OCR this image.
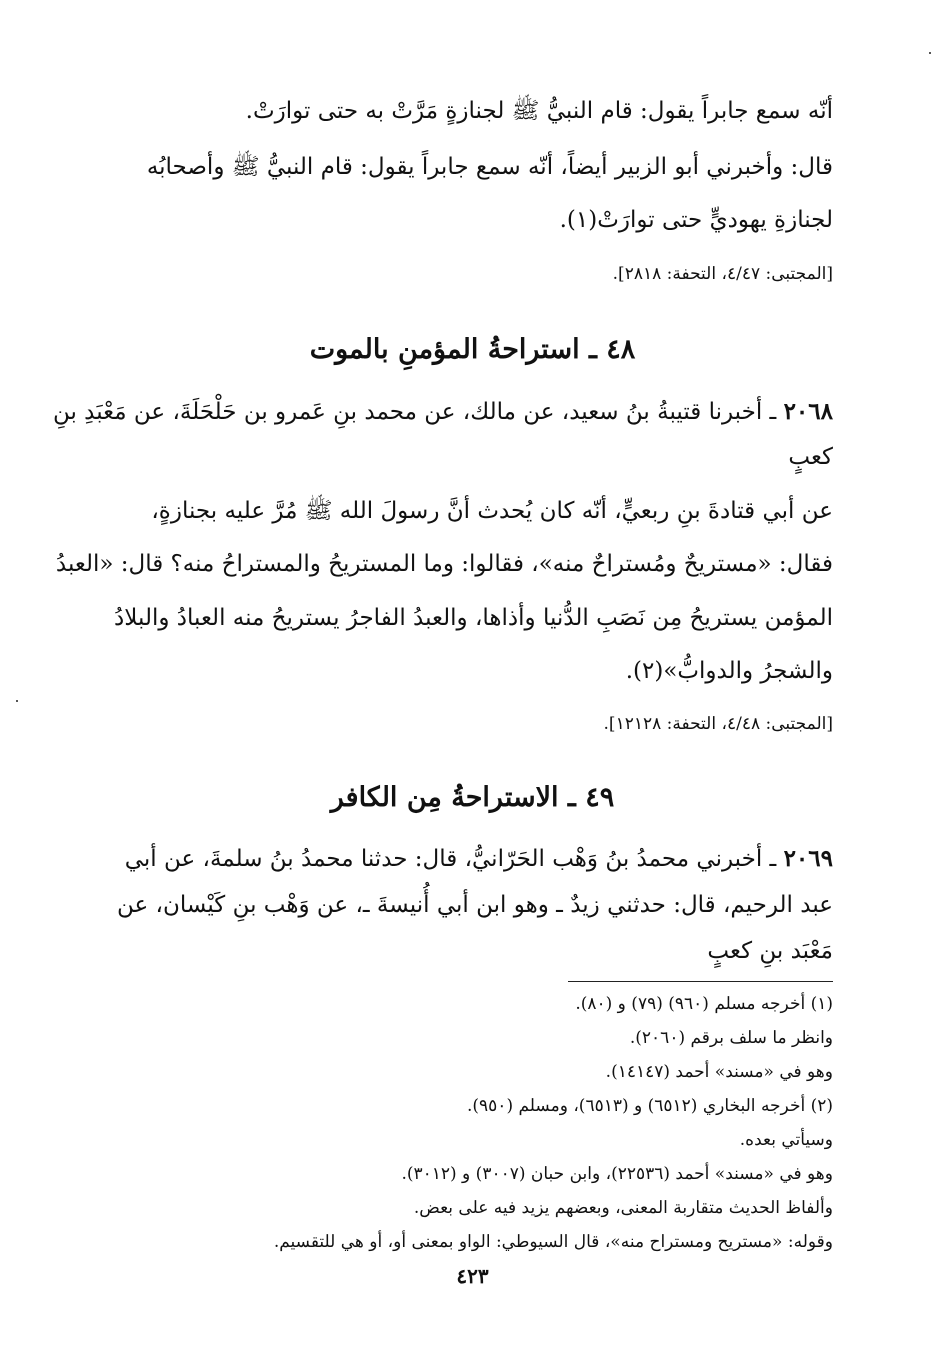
أنّه سمع جابراً يقول: قام النبيُّ ﷺ لجنازةٍ مَرَّتْ به حتى توارَتْ.
قال: وأخبرني أبو الزبير أيضاً، أنّه سمع جابراً يقول: قام النبيُّ ﷺ وأصحابُه
لجنازةِ يهوديٍّ حتى توارَتْ(١).
[المجتبى: ٤/٤٧، التحفة: ٢٨١٨].
٤٨ ـ استراحةُ المؤمنِ بالموت
٢٠٦٨ ـ أخبرنا قتيبةُ بنُ سعيد، عن مالك، عن محمد بنِ عَمرو بن حَلْحَلَةَ، عن مَعْبَدِ بنِ
كعبٍ
عن أبي قتادةَ بنِ ربعيٍّ، أنّه كان يُحدث أنَّ رسولَ الله ﷺ مُرَّ عليه بجنازةٍ،
فقال: «مستريحٌ ومُستراحٌ منه»، فقالوا: وما المستريحُ والمستراحُ منه؟ قال: «العبدُ
المؤمن يستريحُ مِن نَصَبِ الدُّنيا وأذاها، والعبدُ الفاجرُ يستريحُ منه العبادُ والبلادُ
والشجرُ والدوابُّ»(٢).
[المجتبى: ٤/٤٨، التحفة: ١٢١٢٨].
٤٩ ـ الاستراحةُ مِن الكافر
٢٠٦٩ ـ أخبرني محمدُ بنُ وَهْب الحَرّانيُّ، قال: حدثنا محمدُ بنُ سلمةَ، عن أبي
عبد الرحيم، قال: حدثني زيدٌ ـ وهو ابن أبي أُنيسةَ ـ، عن وَهْب بنِ كَيْسان، عن
مَعْبَد بنِ كعبٍ
(١) أخرجه مسلم (٩٦٠) (٧٩) و (٨٠).
وانظر ما سلف برقم (٢٠٦٠).
وهو في «مسند» أحمد (١٤١٤٧).
(٢) أخرجه البخاري (٦٥١٢) و (٦٥١٣)، ومسلم (٩٥٠).
وسيأتي بعده.
وهو في «مسند» أحمد (٢٢٥٣٦)، وابن حبان (٣٠٠٧) و (٣٠١٢).
وألفاظ الحديث متقاربة المعنى، وبعضهم يزيد فيه على بعض.
وقوله: «مستريح ومستراح منه»، قال السيوطي: الواو بمعنى أو، أو هي للتقسيم.
٤٢٣
